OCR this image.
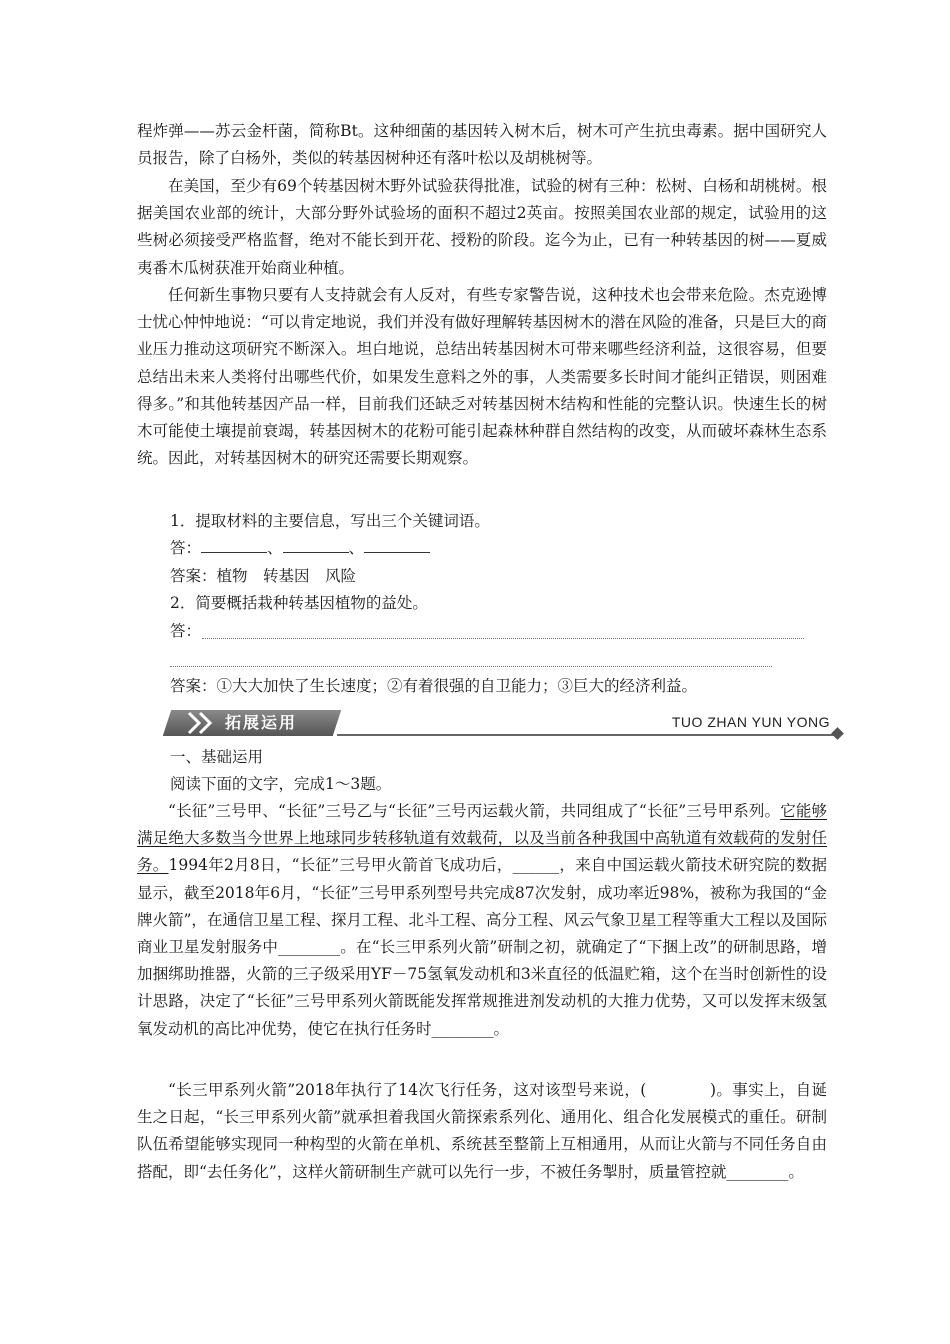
程炸弹——苏云金杆菌，简称Bt。这种细菌的基因转入树木后，树木可产生抗虫毒素。据中国研究人员报告，除了白杨外，类似的转基因树种还有落叶松以及胡桃树等。

在美国，至少有69个转基因树木野外试验获得批准，试验的树有三种：松树、白杨和胡桃树。根据美国农业部的统计，大部分野外试验场的面积不超过2英亩。按照美国农业部的规定，试验用的这些树必须接受严格监督，绝对不能长到开花、授粉的阶段。迄今为止，已有一种转基因的树——夏威夷番木瓜树获准开始商业种植。

任何新生事物只要有人支持就会有人反对，有些专家警告说，这种技术也会带来危险。杰克逊博士忧心忡忡地说：“可以肯定地说，我们并没有做好理解转基因树木的潜在风险的准备，只是巨大的商业压力推动这项研究不断深入。坦白地说，总结出转基因树木可带来哪些经济利益，这很容易，但要总结出未来人类将付出哪些代价，如果发生意料之外的事，人类需要多长时间才能纠正错误，则困难得多。”和其他转基因产品一样，目前我们还缺乏对转基因树木结构和性能的完整认识。快速生长的树木可能使土壤提前衰竭，转基因树木的花粉可能引起森林种群自然结构的改变，从而破坏森林生态系统。因此，对转基因树木的研究还需要长期观察。

1．提取材料的主要信息，写出三个关键词语。
答：	、	、
答案：植物　转基因　风险
2．简要概括栽种转基因植物的益处。
答：
答案：①大大加快了生长速度；②有着很强的自卫能力；③巨大的经济利益。
拓展运用	TUO ZHAN YUN YONG
一、基础运用
阅读下面的文字，完成1～3题。

“长征”三号甲、“长征”三号乙与“长征”三号丙运载火箭，共同组成了“长征”三号甲系列。它能够满足绝大多数当今世界上地球同步转移轨道有效载荷，以及当前各种我国中高轨道有效载荷的发射任务。1994年2月8日，“长征”三号甲火箭首飞成功后，______，来自中国运载火箭技术研究院的数据显示，截至2018年6月，“长征”三号甲系列型号共完成87次发射，成功率近98%，被称为我国的“金牌火箭”，在通信卫星工程、探月工程、北斗工程、高分工程、风云气象卫星工程等重大工程以及国际商业卫星发射服务中________。在“长三甲系列火箭”研制之初，就确定了“下捆上改”的研制思路，增加捆绑助推器，火箭的三子级采用YF－75氢氧发动机和3米直径的低温贮箱，这个在当时创新性的设计思路，决定了“长征”三号甲系列火箭既能发挥常规推进剂发动机的大推力优势，又可以发挥末级氢氧发动机的高比冲优势，使它在执行任务时________。

“长三甲系列火箭”2018年执行了14次飞行任务，这对该型号来说，(　　　　)。事实上，自诞生之日起，“长三甲系列火箭”就承担着我国火箭探索系列化、通用化、组合化发展模式的重任。研制队伍希望能够实现同一种构型的火箭在单机、系统甚至整箭上互相通用，从而让火箭与不同任务自由搭配，即“去任务化”，这样火箭研制生产就可以先行一步，不被任务掣肘，质量管控就________。
